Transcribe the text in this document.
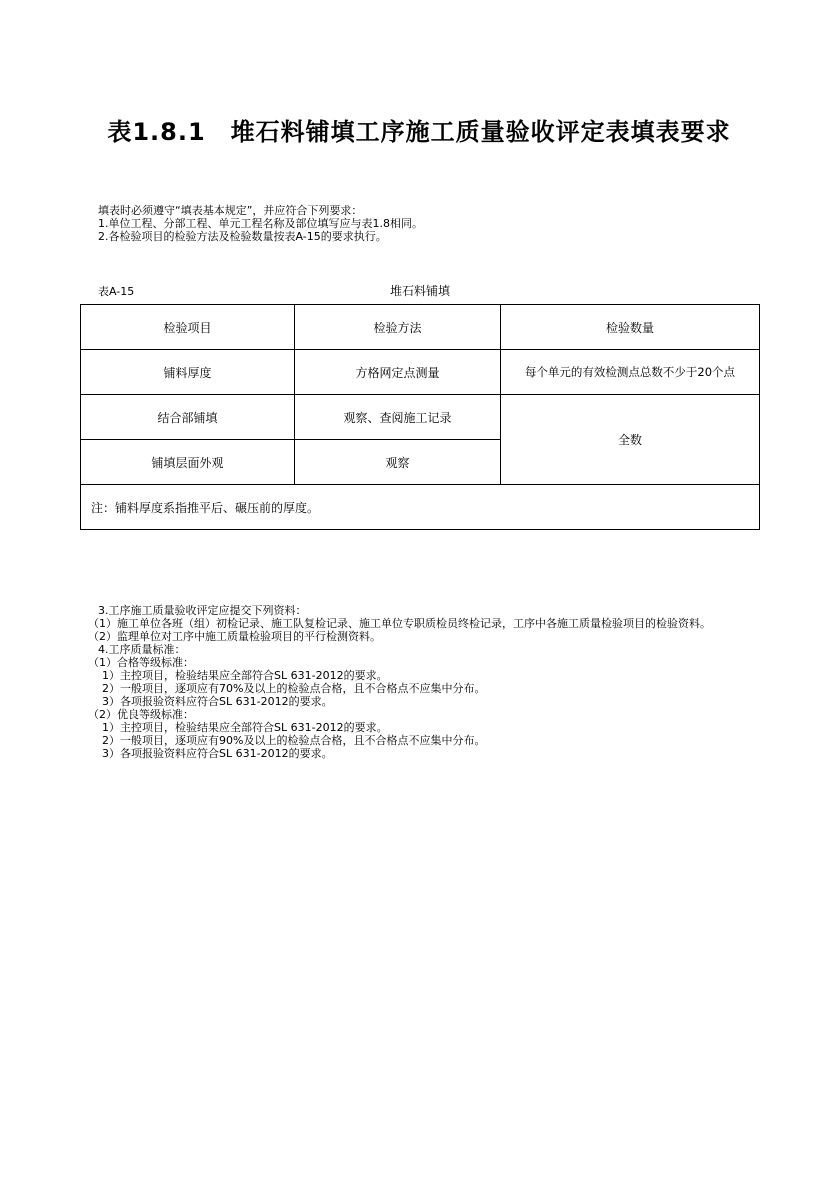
表1.8.1　堆石料铺填工序施工质量验收评定表填表要求
填表时必须遵守“填表基本规定”，并应符合下列要求：
1.单位工程、分部工程、单元工程名称及部位填写应与表1.8相同。
2.各检验项目的检验方法及检验数量按表A-15的要求执行。
表A-15	堆石料铺填
检验项目	检验方法	检验数量
铺料厚度	方格网定点测量	每个单元的有效检测点总数不少于20个点
结合部铺填	观察、查阅施工记录	全数
铺填层面外观	观察	
注：铺料厚度系指推平后、碾压前的厚度。		
3.工序施工质量验收评定应提交下列资料：
（1）施工单位各班（组）初检记录、施工队复检记录、施工单位专职质检员终检记录，工序中各施工质量检验项目的检验资料。
（2）监理单位对工序中施工质量检验项目的平行检测资料。
4.工序质量标准：
（1）合格等级标准：
1）主控项目，检验结果应全部符合SL 631-2012的要求。
2）一般项目，逐项应有70%及以上的检验点合格，且不合格点不应集中分布。
3）各项报验资料应符合SL 631-2012的要求。
（2）优良等级标准：
1）主控项目，检验结果应全部符合SL 631-2012的要求。
2）一般项目，逐项应有90%及以上的检验点合格，且不合格点不应集中分布。
3）各项报验资料应符合SL 631-2012的要求。
